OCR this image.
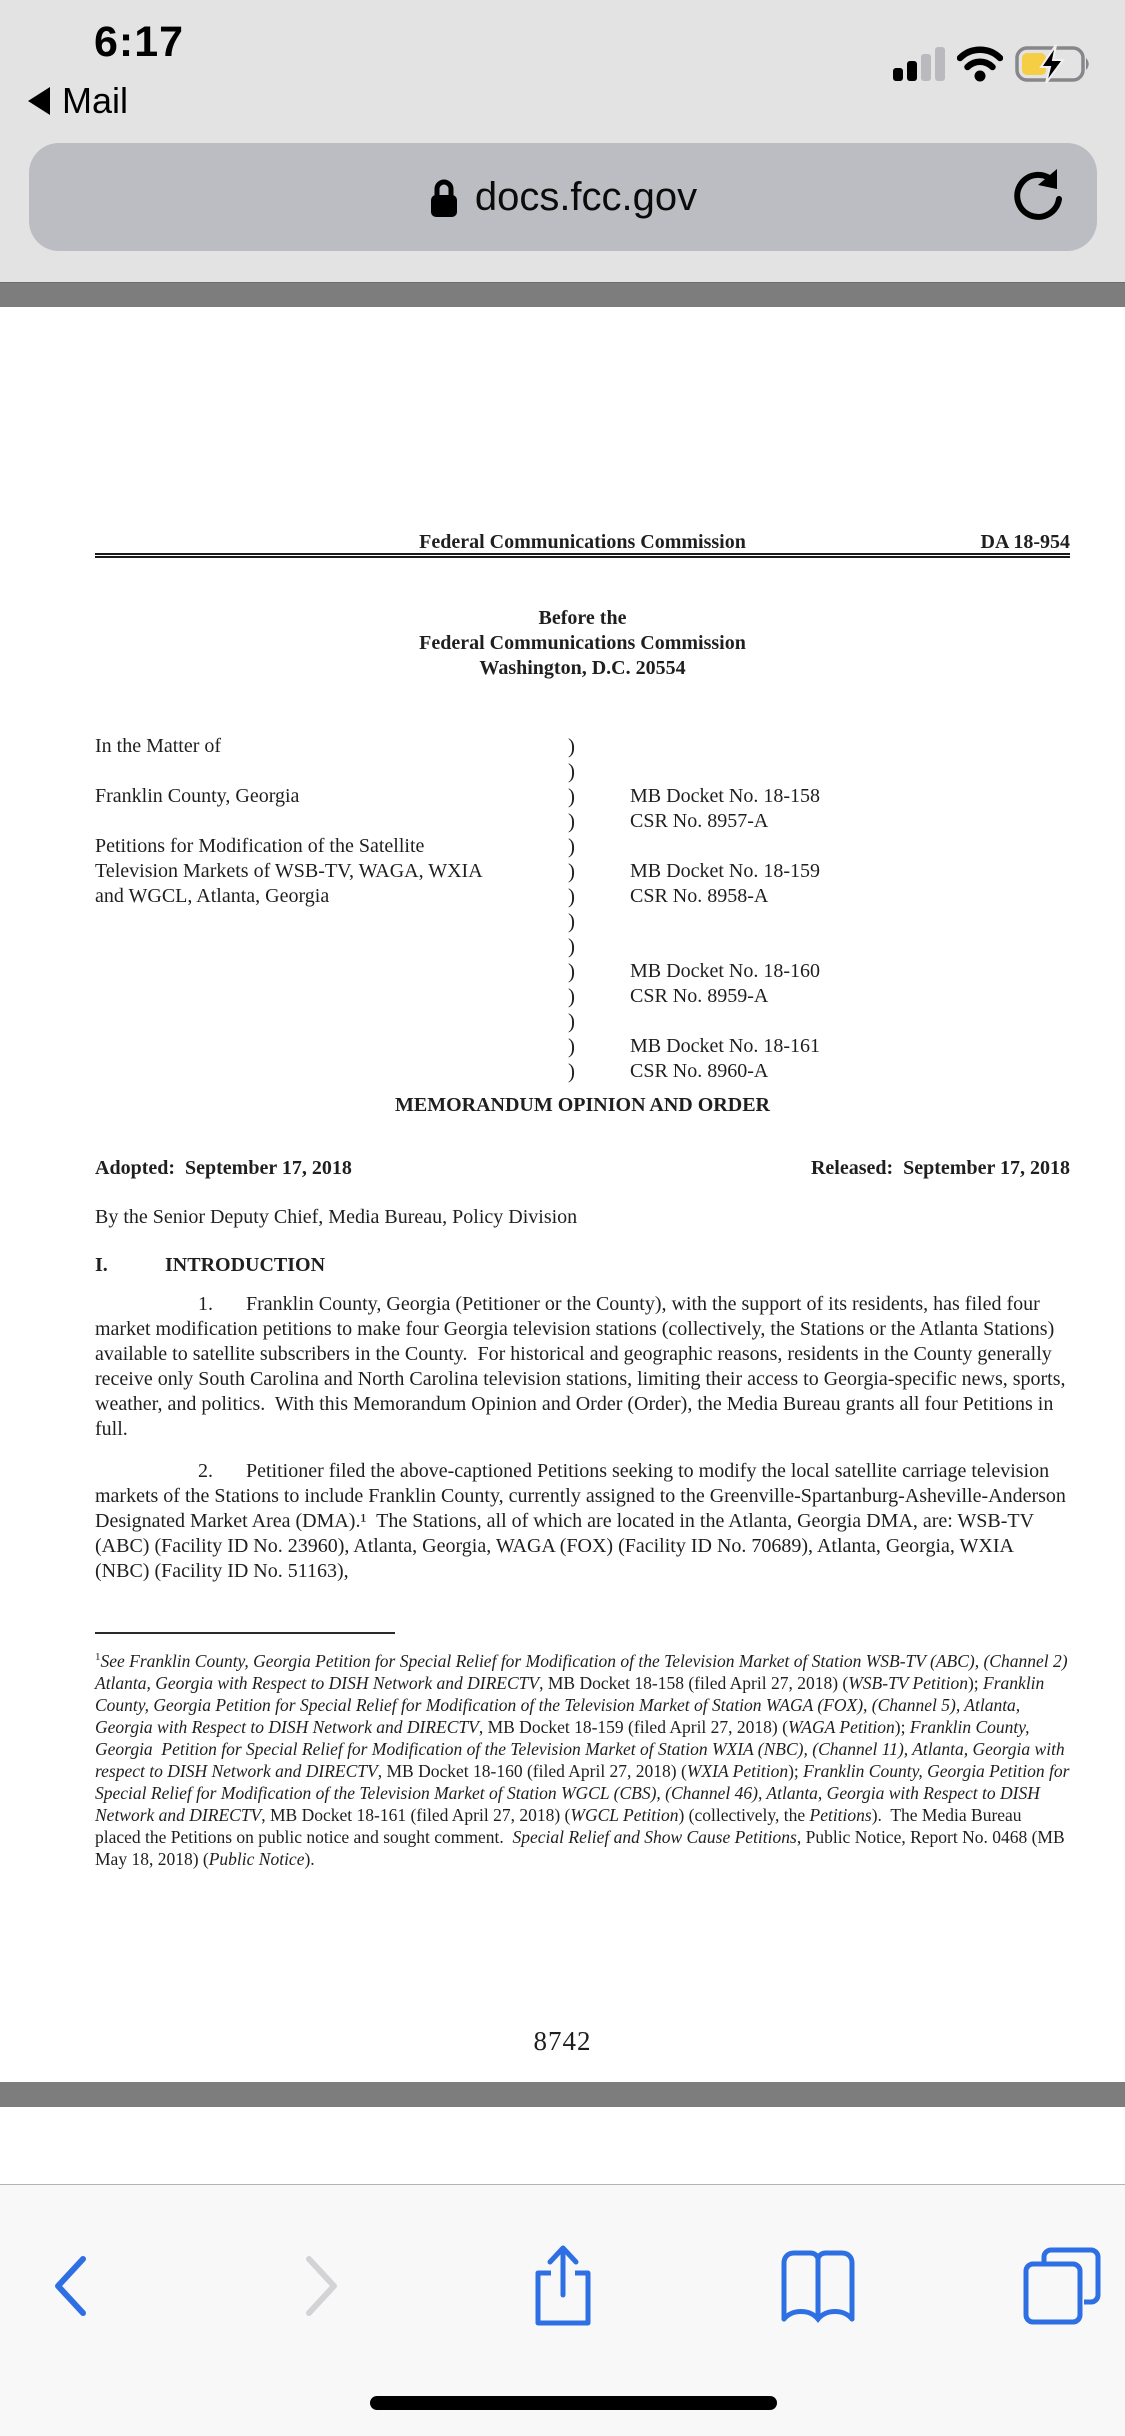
6:17
Mail
docs.fcc.gov
Federal Communications Commission	DA 18-954
Before the
Federal Communications Commission
Washington, D.C. 20554
In the Matter of	)
)
Franklin County, Georgia	)	MB Docket No. 18-158
)	CSR No. 8957-A
Petitions for Modification of the Satellite	)
Television Markets of WSB-TV, WAGA, WXIA	)	MB Docket No. 18-159
and WGCL, Atlanta, Georgia	)	CSR No. 8958-A
)
)
)	MB Docket No. 18-160
)	CSR No. 8959-A
)
)	MB Docket No. 18-161
)	CSR No. 8960-A
MEMORANDUM OPINION AND ORDER
Adopted:  September 17, 2018	Released:  September 17, 2018
By the Senior Deputy Chief, Media Bureau, Policy Division
I.	INTRODUCTION

1. Franklin County, Georgia (Petitioner or the County), with the support of its residents, has filed four market modification petitions to make four Georgia television stations (collectively, the Stations or the Atlanta Stations) available to satellite subscribers in the County.  For historical and geographic reasons, residents in the County generally receive only South Carolina and North Carolina television stations, limiting their access to Georgia-specific news, sports, weather, and politics.  With this Memorandum Opinion and Order (Order), the Media Bureau grants all four Petitions in full.

2. Petitioner filed the above-captioned Petitions seeking to modify the local satellite carriage television markets of the Stations to include Franklin County, currently assigned to the Greenville-Spartanburg-Asheville-Anderson Designated Market Area (DMA).¹  The Stations, all of which are located in the Atlanta, Georgia DMA, are: WSB-TV (ABC) (Facility ID No. 23960), Atlanta, Georgia, WAGA (FOX) (Facility ID No. 70689), Atlanta, Georgia, WXIA (NBC) (Facility ID No. 51163),

$^1$See Franklin County, Georgia Petition for Special Relief for Modification of the Television Market of Station WSB-TV (ABC), (Channel 2) Atlanta, Georgia with Respect to DISH Network and DIRECTV, MB Docket 18-158 (filed April 27, 2018) (WSB-TV Petition); Franklin County, Georgia Petition for Special Relief for Modification of the Television Market of Station WAGA (FOX), (Channel 5), Atlanta, Georgia with Respect to DISH Network and DIRECTV, MB Docket 18-159 (filed April 27, 2018) (WAGA Petition); Franklin County, Georgia  Petition for Special Relief for Modification of the Television Market of Station WXIA (NBC), (Channel 11), Atlanta, Georgia with respect to DISH Network and DIRECTV, MB Docket 18-160 (filed April 27, 2018) (WXIA Petition); Franklin County, Georgia Petition for Special Relief for Modification of the Television Market of Station WGCL (CBS), (Channel 46), Atlanta, Georgia with Respect to DISH Network and DIRECTV, MB Docket 18-161 (filed April 27, 2018) (WGCL Petition) (collectively, the Petitions).  The Media Bureau placed the Petitions on public notice and sought comment.  Special Relief and Show Cause Petitions, Public Notice, Report No. 0468 (MB May 18, 2018) (Public Notice).
8742
